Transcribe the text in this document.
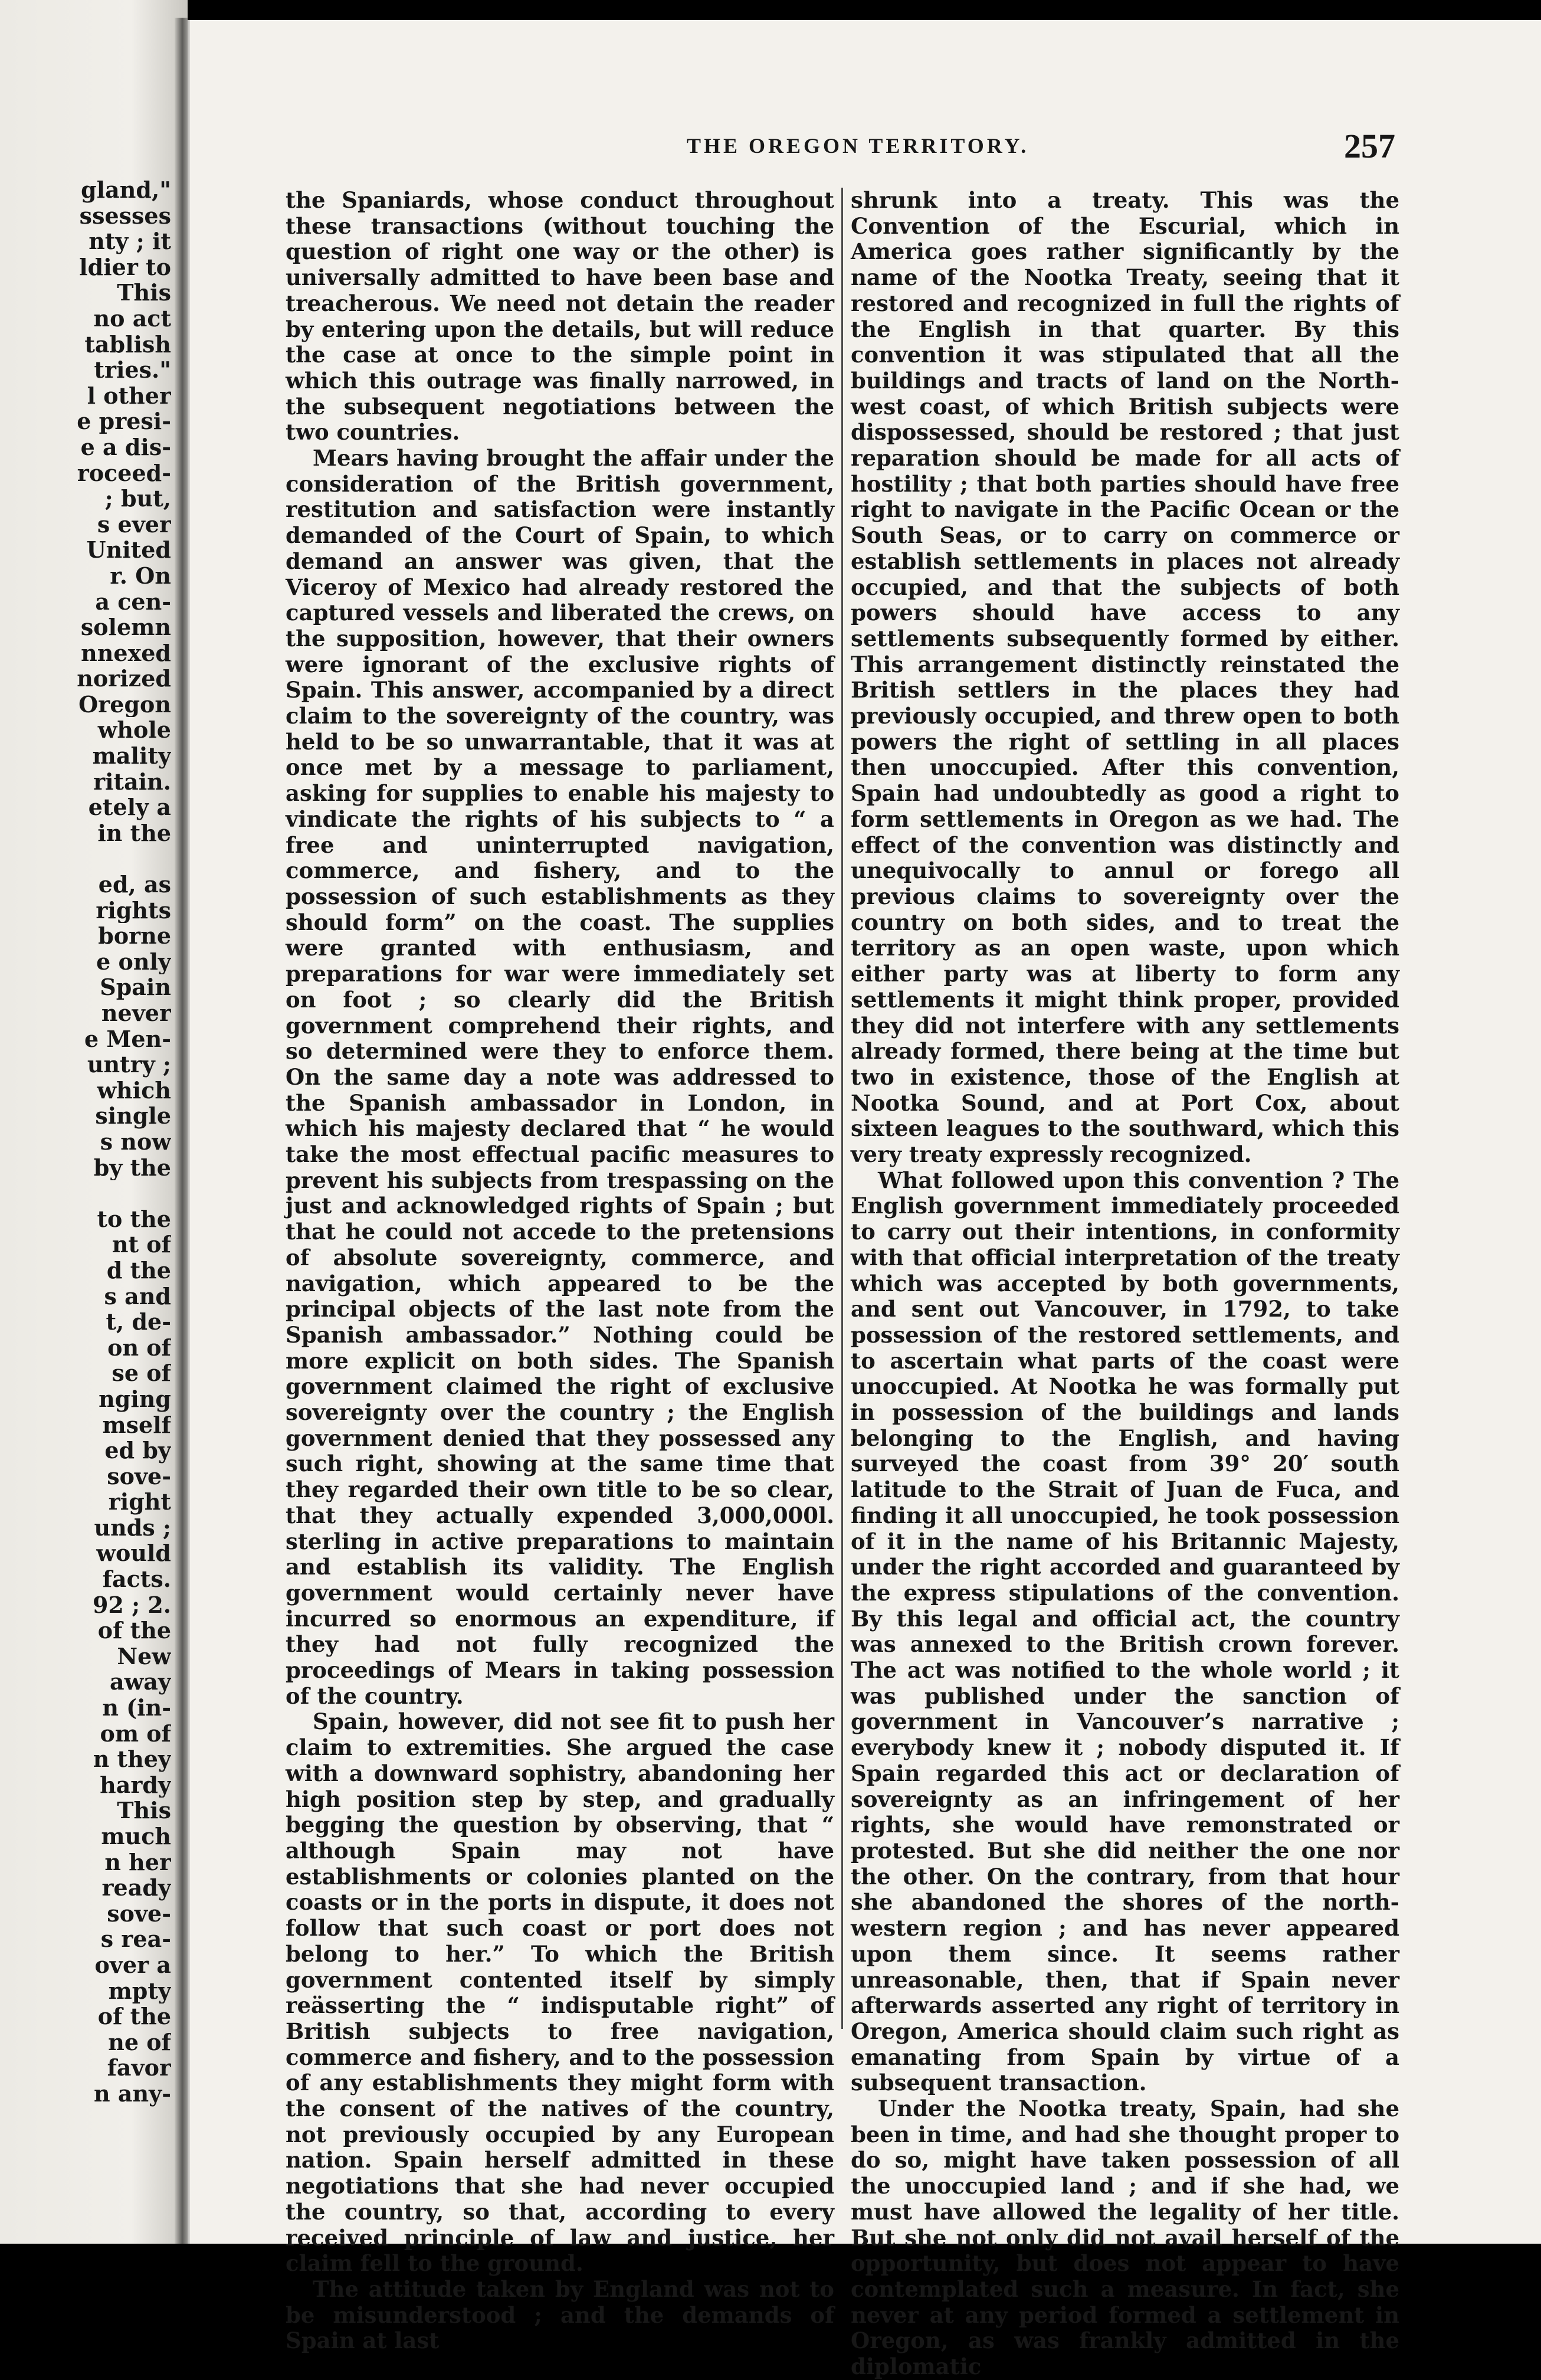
gland,"
ssesses
nty ; it
ldier to
This
no act
tablish
tries."
l other
e presi-
e a dis-
roceed-
; but,
s ever
United
r. On
a cen-
solemn
nnexed
norized
Oregon
whole
mality
ritain.
etely a
in the

ed, as
rights
borne
e only
Spain
never
e Men-
untry ;
which
single
s now
by the

to the
nt of
d the
s and
t, de-
on of
se of
nging
mself
ed by
sove-
right
unds ;
would
facts.
92 ; 2.
of the
New
away
n (in-
om of
n they
hardy
This
much
n her
ready
sove-
s rea-
over a
mpty
of the
ne of
favor
n any-
THE OREGON TERRITORY.	257

the Spaniards, whose conduct throughout these transactions (without touching the question of right one way or the other) is universally admitted to have been base and treacherous. We need not detain the reader by entering upon the details, but will reduce the case at once to the simple point in which this outrage was finally narrowed, in the subsequent negotiations between the two countries.

Mears having brought the affair under the consideration of the British government, restitution and satisfaction were instantly demanded of the Court of Spain, to which demand an answer was given, that the Viceroy of Mexico had already restored the captured vessels and liberated the crews, on the supposition, however, that their owners were ignorant of the exclusive rights of Spain. This answer, accompanied by a direct claim to the sovereignty of the country, was held to be so unwarrantable, that it was at once met by a message to parliament, asking for supplies to enable his majesty to vindicate the rights of his subjects to “ a free and uninterrupted navigation, commerce, and fishery, and to the possession of such establishments as they should form” on the coast. The supplies were granted with enthusiasm, and preparations for war were immediately set on foot ; so clearly did the British government comprehend their rights, and so determined were they to enforce them. On the same day a note was addressed to the Spanish ambassador in London, in which his majesty declared that “ he would take the most effectual pacific measures to prevent his subjects from trespassing on the just and acknowledged rights of Spain ; but that he could not accede to the pretensions of absolute sovereignty, commerce, and navigation, which appeared to be the principal objects of the last note from the Spanish ambassador.” Nothing could be more explicit on both sides. The Spanish government claimed the right of exclusive sovereignty over the country ; the English government denied that they possessed any such right, showing at the same time that they regarded their own title to be so clear, that they actually expended 3,000,000l. sterling in active preparations to maintain and establish its validity. The English government would certainly never have incurred so enormous an expenditure, if they had not fully recognized the proceedings of Mears in taking possession of the country.

Spain, however, did not see fit to push her claim to extremities. She argued the case with a downward sophistry, abandoning her high position step by step, and gradually begging the question by observing, that “ although Spain may not have establishments or colonies planted on the coasts or in the ports in dispute, it does not follow that such coast or port does not belong to her.” To which the British government contented itself by simply reässerting the “ indisputable right” of British subjects to free navigation, commerce and fishery, and to the possession of any establishments they might form with the consent of the natives of the country, not previously occupied by any European nation. Spain herself admitted in these negotiations that she had never occupied the country, so that, according to every received principle of law and justice, her claim fell to the ground.

The attitude taken by England was not to be misunderstood ; and the demands of Spain at last

shrunk into a treaty. This was the Convention of the Escurial, which in America goes rather significantly by the name of the Nootka Treaty, seeing that it restored and recognized in full the rights of the English in that quarter. By this convention it was stipulated that all the buildings and tracts of land on the North-west coast, of which British subjects were dispossessed, should be restored ; that just reparation should be made for all acts of hostility ; that both parties should have free right to navigate in the Pacific Ocean or the South Seas, or to carry on commerce or establish settlements in places not already occupied, and that the subjects of both powers should have access to any settlements subsequently formed by either. This arrangement distinctly reinstated the British settlers in the places they had previously occupied, and threw open to both powers the right of settling in all places then unoccupied. After this convention, Spain had undoubtedly as good a right to form settlements in Oregon as we had. The effect of the convention was distinctly and unequivocally to annul or forego all previous claims to sovereignty over the country on both sides, and to treat the territory as an open waste, upon which either party was at liberty to form any settlements it might think proper, provided they did not interfere with any settlements already formed, there being at the time but two in existence, those of the English at Nootka Sound, and at Port Cox, about sixteen leagues to the southward, which this very treaty expressly recognized.

What followed upon this convention ? The English government immediately proceeded to carry out their intentions, in conformity with that official interpretation of the treaty which was accepted by both governments, and sent out Vancouver, in 1792, to take possession of the restored settlements, and to ascertain what parts of the coast were unoccupied. At Nootka he was formally put in possession of the buildings and lands belonging to the English, and having surveyed the coast from 39° 20′ south latitude to the Strait of Juan de Fuca, and finding it all unoccupied, he took possession of it in the name of his Britannic Majesty, under the right accorded and guaranteed by the express stipulations of the convention. By this legal and official act, the country was annexed to the British crown forever. The act was notified to the whole world ; it was published under the sanction of government in Vancouver’s narrative ; everybody knew it ; nobody disputed it. If Spain regarded this act or declaration of sovereignty as an infringement of her rights, she would have remonstrated or protested. But she did neither the one nor the other. On the contrary, from that hour she abandoned the shores of the north-western region ; and has never appeared upon them since. It seems rather unreasonable, then, that if Spain never afterwards asserted any right of territory in Oregon, America should claim such right as emanating from Spain by virtue of a subsequent transaction.

Under the Nootka treaty, Spain, had she been in time, and had she thought proper to do so, might have taken possession of all the unoccupied land ; and if she had, we must have allowed the legality of her title. But she not only did not avail herself of the opportunity, but does not appear to have contemplated such a measure. In fact, she never at any period formed a settlement in Oregon, as was frankly admitted in the diplomatic
